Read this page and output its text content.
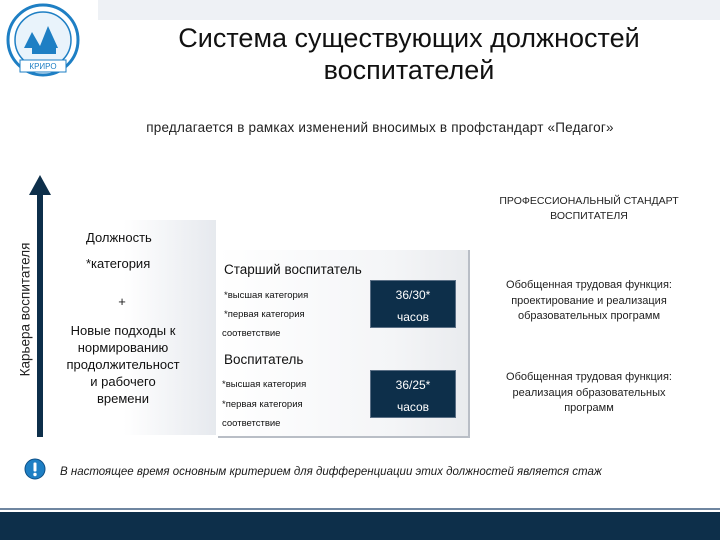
КРИРО
Система существующих должностей
воспитателей
предлагается в рамках изменений вносимых в профстандарт «Педагог»
Карьера воспитателя
Должность
*категория
+
Новые подходы к
нормированию
продолжительност
и рабочего
времени
Старший воспитатель
*высшая категория
*первая категория
соответствие
36/30*
часов
Воспитатель
*высшая категория
*первая категория
соответствие
36/25*
часов
ПРОФЕССИОНАЛЬНЫЙ СТАНДАРТ
ВОСПИТАТЕЛЯ
Обобщенная трудовая функция:
проектирование и реализация
образовательных программ
Обобщенная трудовая функция:
реализация образовательных
программ
В настоящее время основным критерием для дифференциации этих должностей является стаж
